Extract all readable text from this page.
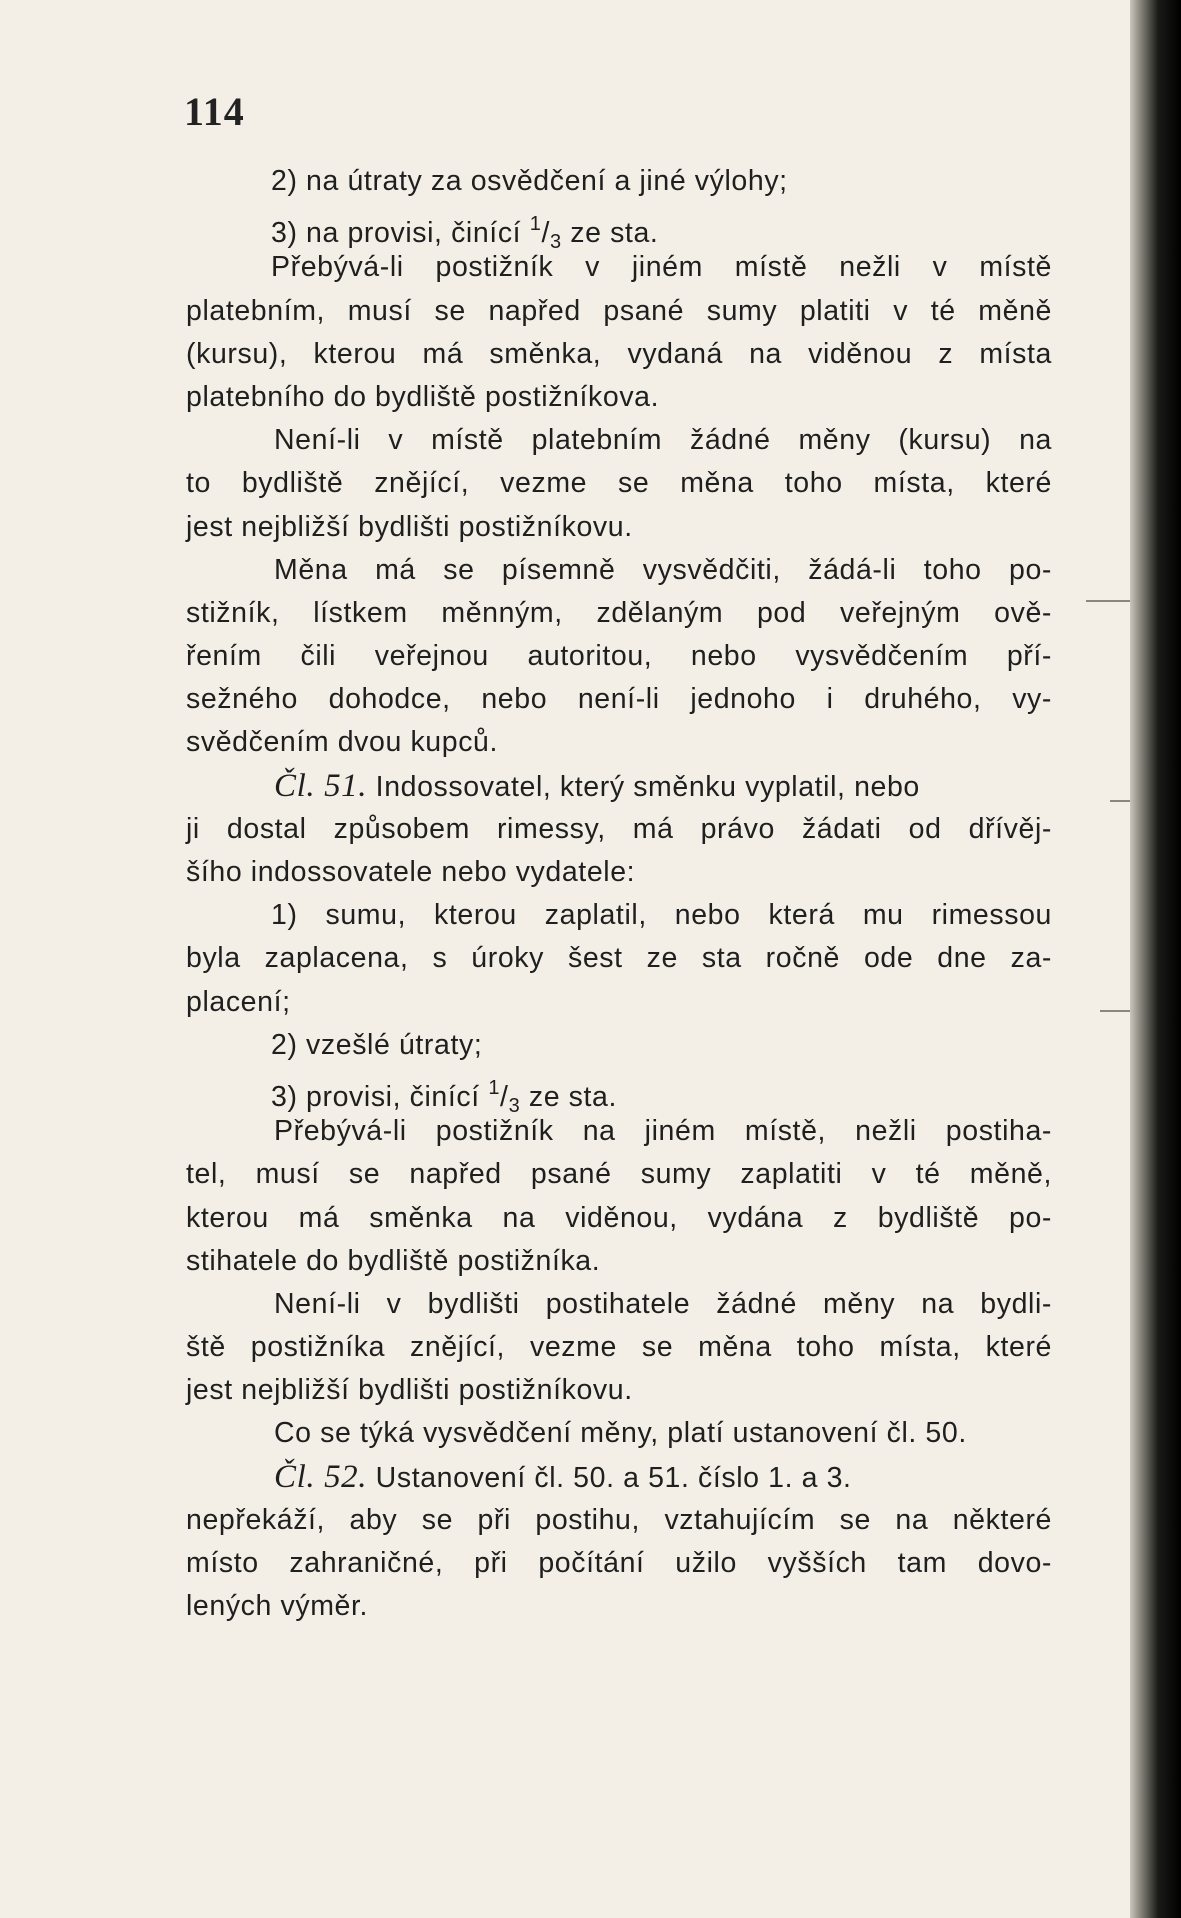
114
2) na útraty za osvědčení a jiné výlohy;
3) na provisi, činící $^1/_3$ ze sta.
Přebývá-li postižník v jiném místě nežli v místě
platebním, musí se napřed psané sumy platiti v té měně
(kursu), kterou má směnka, vydaná na viděnou z místa
platebního do bydliště postižníkova.
Není-li v místě platebním žádné měny (kursu) na
to bydliště znějící, vezme se měna toho místa, které
jest nejbližší bydlišti postižníkovu.
Měna má se písemně vysvědčiti, žádá-li toho po-
stižník, lístkem měnným, zdělaným pod veřejným ově-
řením čili veřejnou autoritou, nebo vysvědčením pří-
sežného dohodce, nebo není-li jednoho i druhého, vy-
svědčením dvou kupců.
Čl. 51. Indossovatel, který směnku vyplatil, nebo
ji dostal způsobem rimessy, má právo žádati od dřívěj-
šího indossovatele nebo vydatele:
1) sumu, kterou zaplatil, nebo která mu rimessou
byla zaplacena, s úroky šest ze sta ročně ode dne za-
placení;
2) vzešlé útraty;
3) provisi, činící $^1/_3$ ze sta.
Přebývá-li postižník na jiném místě, nežli postiha-
tel, musí se napřed psané sumy zaplatiti v té měně,
kterou má směnka na viděnou, vydána z bydliště po-
stihatele do bydliště postižníka.
Není-li v bydlišti postihatele žádné měny na bydli-
ště postižníka znějící, vezme se měna toho místa, které
jest nejbližší bydlišti postižníkovu.
Co se týká vysvědčení měny, platí ustanovení čl. 50.
Čl. 52. Ustanovení čl. 50. a 51. číslo 1. a 3.
nepřekáží, aby se při postihu, vztahujícím se na některé
místo zahraničné, při počítání užilo vyšších tam dovo-
lených výměr.
